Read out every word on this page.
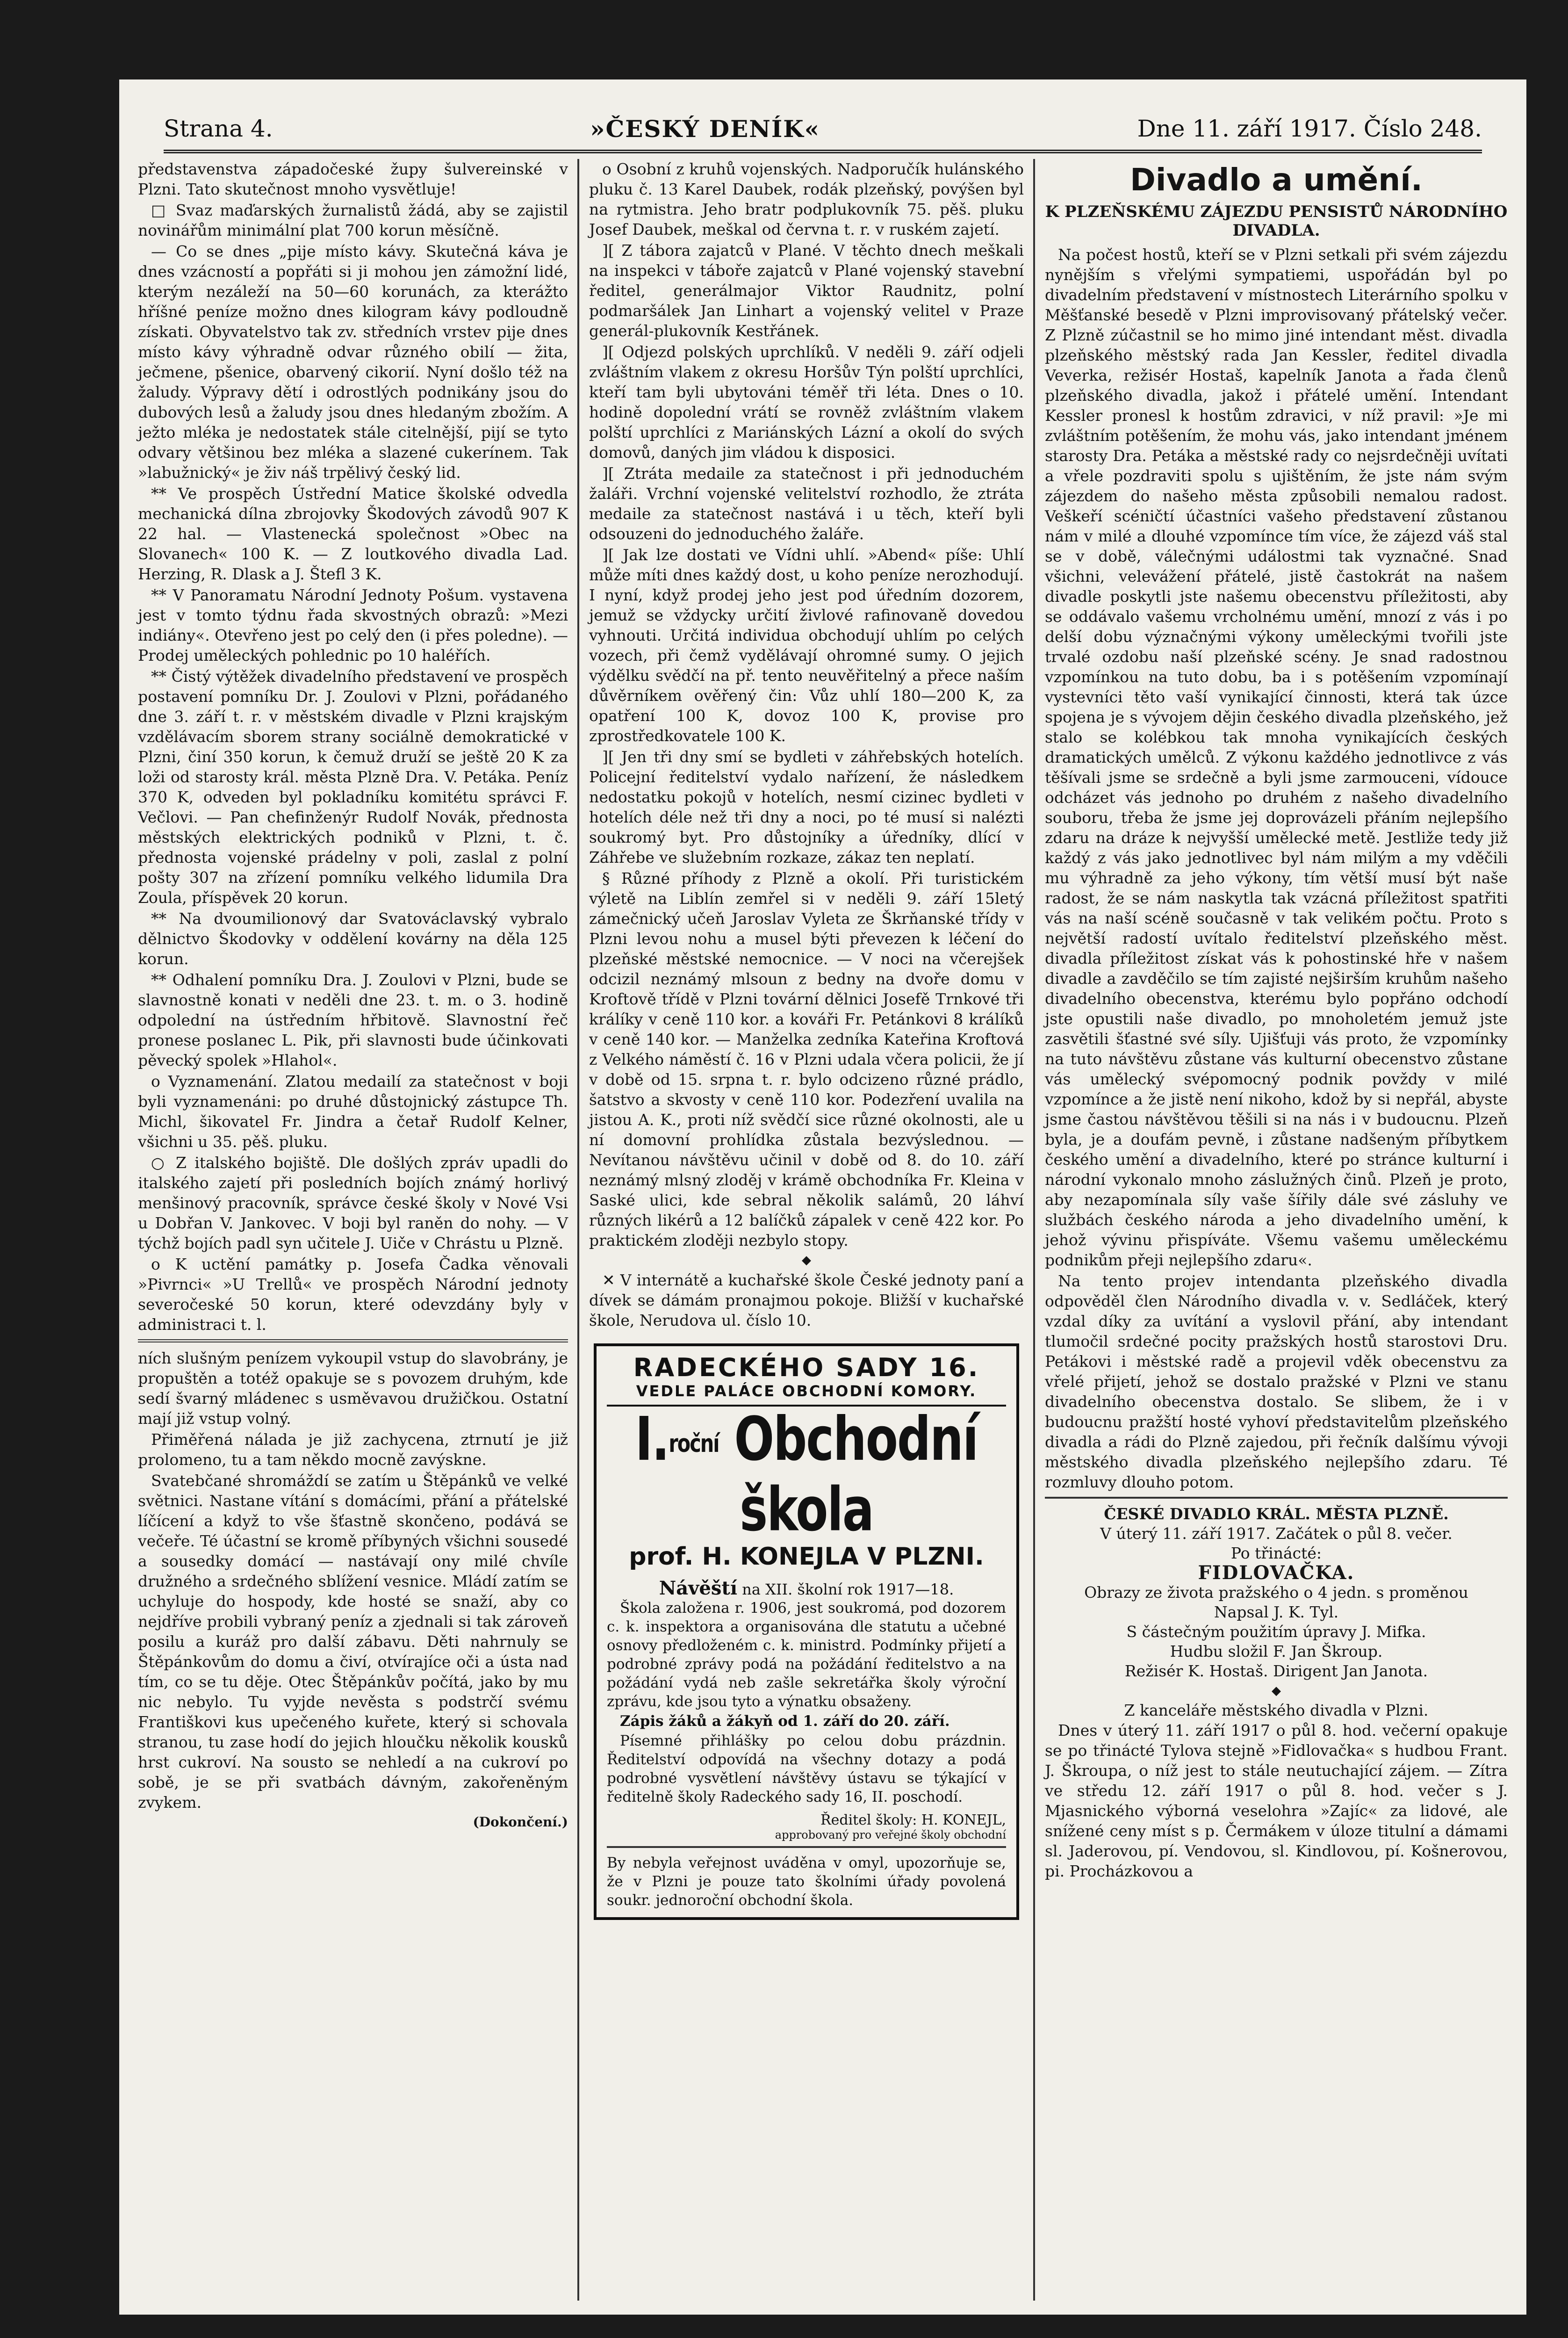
Strana 4.	»ČESKÝ DENÍK«	Dne 11. září 1917. Číslo 248.

představenstva západočeské župy šulvereinské v Plzni. Tato skutečnost mnoho vysvětluje!

□ Svaz maďarských žurnalistů žádá, aby se zajistil novinářům minimální plat 700 korun měsíčně.

— Co se dnes „pije místo kávy. Skutečná káva je dnes vzácností a popřáti si ji mohou jen zámožní lidé, kterým nezáleží na 50—60 korunách, za kterážto hříšné peníze možno dnes kilogram kávy podloudně získati. Obyvatelstvo tak zv. středních vrstev pije dnes místo kávy výhradně odvar různého obilí — žita, ječmene, pšenice, obarvený cikorií. Nyní došlo též na žaludy. Výpravy dětí i odrostlých podnikány jsou do dubových lesů a žaludy jsou dnes hledaným zbožím. A ježto mléka je nedostatek stále citelnější, pijí se tyto odvary většinou bez mléka a slazené cukerínem. Tak »labužnický« je živ náš trpělivý český lid.

** Ve prospěch Ústřední Matice školské odvedla mechanická dílna zbrojovky Škodových závodů 907 K 22 hal. — Vlastenecká společnost »Obec na Slovanech« 100 K. — Z loutkového divadla Lad. Herzing, R. Dlask a J. Štefl 3 K.

** V Panoramatu Národní Jednoty Pošum. vystavena jest v tomto týdnu řada skvostných obrazů: »Mezi indiány«. Otevřeno jest po celý den (i přes poledne). — Prodej uměleckých pohlednic po 10 haléřích.

** Čistý výtěžek divadelního představení ve prospěch postavení pomníku Dr. J. Zoulovi v Plzni, pořádaného dne 3. září t. r. v městském divadle v Plzni krajským vzdělávacím sborem strany sociálně demokratické v Plzni, činí 350 korun, k čemuž druží se ještě 20 K za loži od starosty král. města Plzně Dra. V. Petáka. Peníz 370 K, odveden byl pokladníku komitétu správci F. Večlovi. — Pan chefinženýr Rudolf Novák, přednosta městských elektrických podniků v Plzni, t. č. přednosta vojenské prádelny v poli, zaslal z polní pošty 307 na zřízení pomníku velkého lidumila Dra Zoula, příspěvek 20 korun.

** Na dvoumilionový dar Svatováclavský vybralo dělnictvo Škodovky v oddělení kovárny na děla 125 korun.

** Odhalení pomníku Dra. J. Zoulovi v Plzni, bude se slavnostně konati v neděli dne 23. t. m. o 3. hodině odpolední na ústředním hřbitově. Slavnostní řeč pronese poslanec L. Pik, při slavnosti bude účinkovati pěvecký spolek »Hlahol«.

o Vyznamenání. Zlatou medailí za statečnost v boji byli vyznamenáni: po druhé důstojnický zástupce Th. Michl, šikovatel Fr. Jindra a četař Rudolf Kelner, všichni u 35. pěš. pluku.

○ Z italského bojiště. Dle došlých zpráv upadli do italského zajetí při posledních bojích známý horlivý menšinový pracovník, správce české školy v Nové Vsi u Dobřan V. Jankovec. V boji byl raněn do nohy. — V týchž bojích padl syn učitele J. Uiče v Chrástu u Plzně.

o K uctění památky p. Josefa Čadka věnovali »Pivrnci« »U Trellů« ve prospěch Národní jednoty severočeské 50 korun, které odevzdány byly v administraci t. l.

ních slušným penízem vykoupil vstup do slavobrány, je propuštěn a totéž opakuje se s povozem druhým, kde sedí švarný mládenec s usměvavou družičkou. Ostatní mají již vstup volný.

Přiměřená nálada je již zachycena, ztrnutí je již prolomeno, tu a tam někdo mocně zavýskne.

Svatebčané shromáždí se zatím u Štěpánků ve velké světnici. Nastane vítání s domácími, přání a přátelské líčícení a když to vše šťastně skončeno, podává se večeře. Té účastní se kromě příbyných všichni sousedé a sousedky domácí — nastávají ony milé chvíle družného a srdečného sblížení vesnice. Mládí zatím se uchyluje do hospody, kde hosté se snaží, aby co nejdříve probili vybraný peníz a zjednali si tak zároveň posilu a kuráž pro další zábavu. Děti nahrnuly se Štěpánkovům do domu a čiví, otvírajíce oči a ústa nad tím, co se tu děje. Otec Štěpánkův počítá, jako by mu nic nebylo. Tu vyjde nevěsta s podstrčí svému Františkovi kus upečeného kuřete, který si schovala stranou, tu zase hodí do jejich hloučku několik kousků hrst cukroví. Na sousto se nehledí a na cukroví po sobě, je se při svatbách dávným, zakořeněným zvykem.

(Dokončení.)

o Osobní z kruhů vojenských. Nadporučík hulánského pluku č. 13 Karel Daubek, rodák plzeňský, povýšen byl na rytmistra. Jeho bratr podplukovník 75. pěš. pluku Josef Daubek, meškal od června t. r. v ruském zajetí.

][ Z tábora zajatců v Plané. V těchto dnech meškali na inspekci v táboře zajatců v Plané vojenský stavební ředitel, generálmajor Viktor Raudnitz, polní podmaršálek Jan Linhart a vojenský velitel v Praze generál-plukovník Kestřánek.

][ Odjezd polských uprchlíků. V neděli 9. září odjeli zvláštním vlakem z okresu Horšův Týn polští uprchlíci, kteří tam byli ubytováni téměř tři léta. Dnes o 10. hodině dopolední vrátí se rovněž zvláštním vlakem polští uprchlíci z Mariánských Lázní a okolí do svých domovů, daných jim vládou k disposici.

][ Ztráta medaile za statečnost i při jednoduchém žaláři. Vrchní vojenské velitelství rozhodlo, že ztráta medaile za statečnost nastává i u těch, kteří byli odsouzeni do jednoduchého žaláře.

][ Jak lze dostati ve Vídni uhlí. »Abend« píše: Uhlí může míti dnes každý dost, u koho peníze nerozhodují. I nyní, když prodej jeho jest pod úředním dozorem, jemuž se vždycky určití živlové rafinovaně dovedou vyhnouti. Určitá individua obchodují uhlím po celých vozech, při čemž vydělávají ohromné sumy. O jejich výdělku svědčí na př. tento neuvěřitelný a přece naším důvěrníkem ověřený čin: Vůz uhlí 180—200 K, za opatření 100 K, dovoz 100 K, provise pro zprostředkovatele 100 K.

][ Jen tři dny smí se bydleti v záhřebských hotelích. Policejní ředitelství vydalo nařízení, že následkem nedostatku pokojů v hotelích, nesmí cizinec bydleti v hotelích déle než tři dny a noci, po té musí si nalézti soukromý byt. Pro důstojníky a úředníky, dlící v Záhřebe ve služebním rozkaze, zákaz ten neplatí.

§ Různé příhody z Plzně a okolí. Při turistickém výletě na Liblín zemřel si v neděli 9. září 15letý zámečnický učeň Jaroslav Vyleta ze Škrňanské třídy v Plzni levou nohu a musel býti převezen k léčení do plzeňské městské nemocnice. — V noci na včerejšek odcizil neznámý mlsoun z bedny na dvoře domu v Kroftově třídě v Plzni tovární dělnici Josefě Trnkové tři králíky v ceně 110 kor. a kováři Fr. Petánkovi 8 králíků v ceně 140 kor. — Manželka zedníka Kateřina Kroftová z Velkého náměstí č. 16 v Plzni udala včera policii, že jí v době od 15. srpna t. r. bylo odcizeno různé prádlo, šatstvo a skvosty v ceně 110 kor. Podezření uvalila na jistou A. K., proti níž svědčí sice různé okolnosti, ale u ní domovní prohlídka zůstala bezvýslednou. — Nevítanou návštěvu učinil v době od 8. do 10. září neznámý mlsný zloděj v krámě obchodníka Fr. Kleina v Saské ulici, kde sebral několik salámů, 20 láhví různých likérů a 12 balíčků zápalek v ceně 422 kor. Po praktickém zloději nezbylo stopy.

◆

✕ V internátě a kuchařské škole České jednoty paní a dívek se dámám pronajmou pokoje. Bližší v kuchařské škole, Nerudova ul. číslo 10.

RADECKÉHO SADY 16.
VEDLE PALÁCE OBCHODNÍ KOMORY.
I.roční Obchodní škola
prof. H. KONEJLA V PLZNI.
Návěští na XII. školní rok 1917—18.

Škola založena r. 1906, jest soukromá, pod dozorem c. k. inspektora a organisována dle statutu a učebné osnovy předloženém c. k. ministrd. Podmínky přijetí a podrobné zprávy podá na požádání ředitelstvo a na požádání vydá neb zašle sekretářka školy výroční zprávu, kde jsou tyto a výnatku obsaženy.

Zápis žáků a žákyň od 1. září do 20. září.

Písemné přihlášky po celou dobu prázdnin. Ředitelství odpovídá na všechny dotazy a podá podrobné vysvětlení návštěvy ústavu se týkající v ředitelně školy Radeckého sady 16, II. poschodí.

Ředitel školy: H. KONEJL,
approbovaný pro veřejné školy obchodní

By nebyla veřejnost uváděna v omyl, upozorňuje se, že v Plzni je pouze tato školními úřady povolená soukr. jednoroční obchodní škola.

Divadlo a umění.
K PLZEŇSKÉMU ZÁJEZDU PENSISTŮ NÁRODNÍHO DIVADLA.

Na počest hostů, kteří se v Plzni setkali při svém zájezdu nynějším s vřelými sympatiemi, uspořádán byl po divadelním představení v místnostech Literárního spolku v Měšťanské besedě v Plzni improvisovaný přátelský večer. Z Plzně zúčastnil se ho mimo jiné intendant měst. divadla plzeňského městský rada Jan Kessler, ředitel divadla Veverka, režisér Hostaš, kapelník Janota a řada členů plzeňského divadla, jakož i přátelé umění. Intendant Kessler pronesl k hostům zdravici, v níž pravil: »Je mi zvláštním potěšením, že mohu vás, jako intendant jménem starosty Dra. Petáka a městské rady co nejsrdečněji uvítati a vřele pozdraviti spolu s ujištěním, že jste nám svým zájezdem do našeho města způsobili nemalou radost. Veškeří scéničtí účastníci vašeho představení zůstanou nám v milé a dlouhé vzpomínce tím více, že zájezd váš stal se v době, válečnými událostmi tak vyznačné. Snad všichni, velevážení přátelé, jistě častokrát na našem divadle poskytli jste našemu obecenstvu příležitosti, aby se oddávalo vašemu vrcholnému umění, mnozí z vás i po delší dobu význačnými výkony uměleckými tvořili jste trvalé ozdobu naší plzeňské scény. Je snad radostnou vzpomínkou na tuto dobu, ba i s potěšením vzpomínají vystevníci těto vaší vynikající činnosti, která tak úzce spojena je s vývojem dějin českého divadla plzeňského, jež stalo se kolébkou tak mnoha vynikajících českých dramatických umělců. Z výkonu každého jednotlivce z vás těšívali jsme se srdečně a byli jsme zarmouceni, vídouce odcházet vás jednoho po druhém z našeho divadelního souboru, třeba že jsme jej doprovázeli přáním nejlepšího zdaru na dráze k nejvyšší umělecké metě. Jestliže tedy již každý z vás jako jednotlivec byl nám milým a my vděčili mu výhradně za jeho výkony, tím větší musí být naše radost, že se nám naskytla tak vzácná příležitost spatřiti vás na naší scéně současně v tak velikém počtu. Proto s největší radostí uvítalo ředitelství plzeňského měst. divadla příležitost získat vás k pohostinské hře v našem divadle a zavděčilo se tím zajisté nejširším kruhům našeho divadelního obecenstva, kterému bylo popřáno odchodí jste opustili naše divadlo, po mnoholetém jemuž jste zasvětili šťastné své síly. Ujišťuji vás proto, že vzpomínky na tuto návštěvu zůstane vás kulturní obecenstvo zůstane vás umělecký svépomocný podnik povždy v milé vzpomínce a že jistě není nikoho, kdož by si nepřál, abyste jsme častou návštěvou těšili si na nás i v budoucnu. Plzeň byla, je a doufám pevně, i zůstane nadšeným příbytkem českého umění a divadelního, které po stránce kulturní i národní vykonalo mnoho záslužných činů. Plzeň je proto, aby nezapomínala síly vaše šířily dále své zásluhy ve službách českého národa a jeho divadelního umění, k jehož vývinu přispíváte. Všemu vašemu uměleckému podnikům přeji nejlepšího zdaru«.

Na tento projev intendanta plzeňského divadla odpověděl člen Národního divadla v. v. Sedláček, který vzdal díky za uvítání a vyslovil přání, aby intendant tlumočil srdečné pocity pražských hostů starostovi Dru. Petákovi i městské radě a projevil vděk obecenstvu za vřelé přijetí, jehož se dostalo pražské v Plzni ve stanu divadelního obecenstva dostalo. Se slibem, že i v budoucnu pražští hosté vyhoví představitelům plzeňského divadla a rádi do Plzně zajedou, při řečník dalšímu vývoji městského divadla plzeňského nejlepšího zdaru. Té rozmluvy dlouho potom.

ČESKÉ DIVADLO KRÁL. MĚSTA PLZNĚ.
V úterý 11. září 1917. Začátek o půl 8. večer.
Po třinácté:
FIDLOVAČKA.
Obrazy ze života pražského o 4 jedn. s proměnou
Napsal J. K. Tyl.
S částečným použitím úpravy J. Mifka.
Hudbu složil F. Jan Škroup.
Režisér K. Hostaš. Dirigent Jan Janota.
◆
Z kanceláře městského divadla v Plzni.

Dnes v úterý 11. září 1917 o půl 8. hod. večerní opakuje se po třinácté Tylova stejně »Fidlovačka« s hudbou Frant. J. Škroupa, o níž jest to stále neutuchající zájem. — Zítra ve středu 12. září 1917 o půl 8. hod. večer s J. Mjasnického výborná veselohra »Zajíc« za lidové, ale snížené ceny míst s p. Čermákem v úloze titulní a dámami sl. Jaderovou, pí. Vendovou, sl. Kindlovou, pí. Košnerovou, pi. Procházkovou a
